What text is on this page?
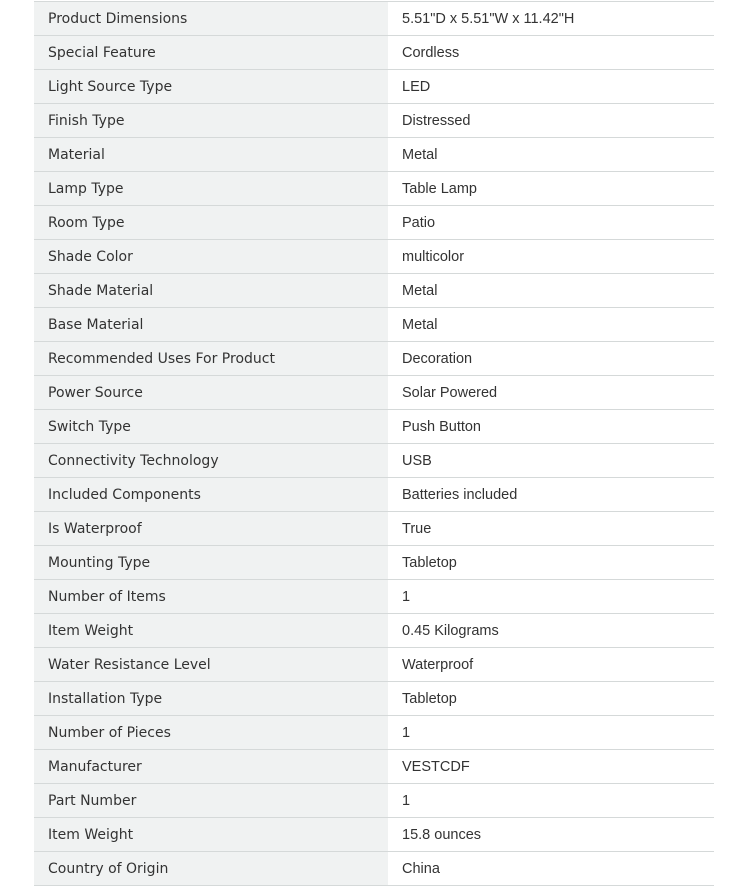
Product Dimensions	5.51"D x 5.51"W x 11.42"H
Special Feature	Cordless
Light Source Type	LED
Finish Type	Distressed
Material	Metal
Lamp Type	Table Lamp
Room Type	Patio
Shade Color	multicolor
Shade Material	Metal
Base Material	Metal
Recommended Uses For Product	Decoration
Power Source	Solar Powered
Switch Type	Push Button
Connectivity Technology	USB
Included Components	Batteries included
Is Waterproof	True
Mounting Type	Tabletop
Number of Items	1
Item Weight	0.45 Kilograms
Water Resistance Level	Waterproof
Installation Type	Tabletop
Number of Pieces	1
Manufacturer	VESTCDF
Part Number	1
Item Weight	15.8 ounces
Country of Origin	China
